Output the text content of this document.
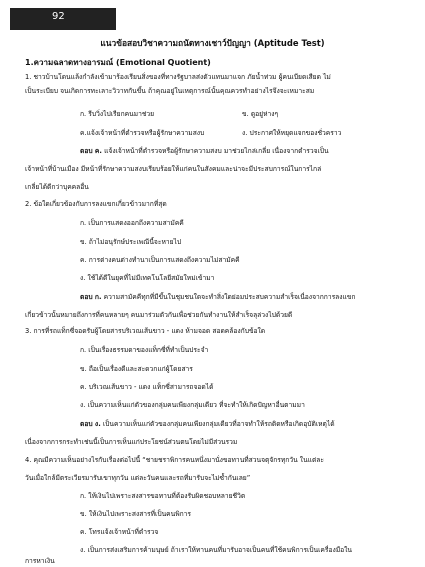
92
แนวข้อสอบวิชาความถนัดทางเชาว์ปัญญา (Aptitude Test)
1.ความฉลาดทางอารมณ์ (Emotional Quotient)
1. ชาวบ้านโดนแล้งกำลังเข้ามาร้องเรียนสิ่งของที่ทางรัฐบาลส่งตัวแทนมาแจก ภัยน้ำท่วม ผู้คนเบียดเสียด ไม่
เป็นระเบียบ จนเกิดการทะเลาะวิวาทกันขึ้น ถ้าคุณอยู่ในเหตุการณ์นั้นคุณควรทำอย่างไรจึงจะเหมาะสม
ก. รีบวิ่งไปเรียกคนมาช่วย	ข. ดูอยู่ห่างๆ
ค.แจ้งเจ้าหน้าที่ตำรวจหรือผู้รักษาความสงบ	ง. ประกาศให้หยุดแจกของชั่วคราว
ตอบ ค. แจ้งเจ้าหน้าที่ตำรวจหรือผู้รักษาความสงบ มาช่วยไกล่เกลี่ย เนื่องจากตำรวจเป็น
เจ้าหน้าที่บ้านเมือง มีหน้าที่รักษาความสงบเรียบร้อยให้แก่คนในสังคมและน่าจะมีประสบการณ์ในการไกล่
เกลี่ยได้ดีกว่าบุคคลอื่น
2. ข้อใดเกี่ยวข้องกับการลงแขกเกี่ยวข้าวมากที่สุด
ก. เป็นการแสดงออกถึงความสามัคคี
ข. ถ้าไม่อนุรักษ์ประเพณีนี้จะหายไป
ค. การต่างคนต่างทำนาเป็นการแสดงถึงความไม่สามัคคี
ง. ใช้ได้ดีในยุคที่ไม่มีเทคโนโลยีสมัยใหม่เข้ามา
ตอบ ก. ความสามัคคีทุกที่มีขึ้นในชุมชนใดจะทำสิ่งใดย่อมประสบความสำเร็จเนื่องจากการลงแขก
เกี่ยวข้าวนั้นหมายถึงการที่คนหลายๆ คนมาร่วมตัวกันเพื่อช่วยกันทำงานให้สำเร็จลุล่วงไปด้วยดี
3. การที่รถแท็กซี่จอดรับผู้โดยสารบริเวณเส้นขาว - แดง ห้ามจอด สอดคล้องกับข้อใด
ก. เป็นเรื่องธรรมดาของแท็กซี่ที่ทำเป็นประจำ
ข. ถือเป็นเรื่องดีและสะดวกแก่ผู้โดยสาร
ค. บริเวณเส้นขาว - แดง แท็กซี่สามารถจอดได้
ง. เป็นความเห็นแก่ตัวของกลุ่มคนเพียงกลุ่มเดียว ที่จะทำให้เกิดปัญหาอื่นตามมา
ตอบ ง. เป็นความเห็นแก่ตัวของกลุ่มคนเพียงกลุ่มเดียวที่อาจทำให้รถติดหรือเกิดอุบัติเหตุได้
เนื่องจากการกระทำเช่นนี้เป็นการเห็นแก่ประโยชน์ส่วนตนโดยไม่มีส่วนรวม
4. คุณมีความเห็นอย่างไรกับเรื่องต่อไปนี้ “ชายชราพิการคนหนึ่งมานั่งขอทานที่สวนจตุจักรทุกวัน ในแต่ละ
วันเมื่อใกล้มีตระเวียรมารับเขาทุกวัน แต่ละวันคนและรถที่มารับจะไม่ซ้ำกันเลย”
ก. ให้เงินไปเพราะสงสารขอทานที่ต้องรับผิดชอบหลายชีวิต
ข. ให้เงินไปเพราะสงสารที่เป็นคนพิการ
ค. โทรแจ้งเจ้าหน้าที่ตำรวจ
ง. เป็นการส่งเสริมการค้ามนุษย์ ถ้าเราให้ทานคนที่มารับอาจเป็นคนที่ใช้คนพิการเป็นเครื่องมือใน
การหาเงิน
